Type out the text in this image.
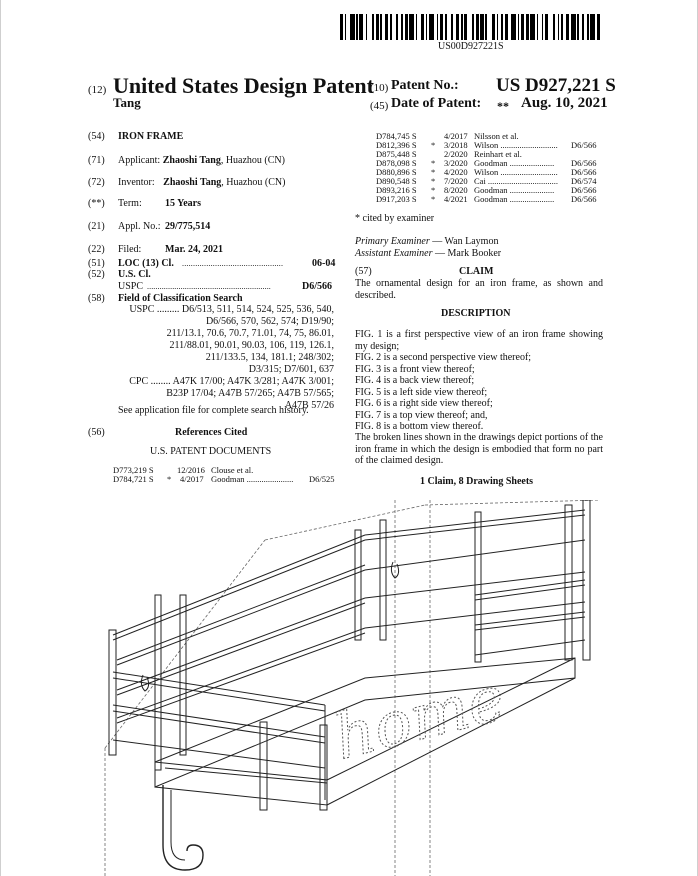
US00D927221S
(12) United States Design Patent
Tang
(10) Patent No.: US D927,221 S
(45) Date of Patent: ** Aug. 10, 2021
(54) IRON FRAME
(71) Applicant: Zhaoshi Tang, Huazhou (CN)
(72) Inventor: Zhaoshi Tang, Huazhou (CN)
(**) Term: 15 Years
(21) Appl. No.: 29/775,514
(22) Filed: Mar. 24, 2021
(51) LOC (13) Cl. ..............................................	06-04
(52) U.S. Cl.
USPC ...........................................................	D6/566
(58) Field of Classification Search
USPC ......... D6/513, 511, 514, 524, 525, 536, 540,
D6/566, 570, 562, 574; D19/90;
211/13.1, 70.6, 70.7, 71.01, 74, 75, 86.01,
211/88.01, 90.01, 90.03, 106, 119, 126.1,
211/133.5, 134, 181.1; 248/302;
D3/315; D7/601, 637
CPC ........ A47K 17/00; A47K 3/281; A47K 3/001;
B23P 17/04; A47B 57/265; A47B 57/565;
A47B 57/26
See application file for complete search history.
(56)	References Cited
U.S. PATENT DOCUMENTS
D773,219 S	12/2016 Clouse et al.
D784,721 S * 4/2017 Goodman ...................... D6/525
D784,745 S	4/2017 Nilsson et al.
D812,396 S * 3/2018 Wilson ........................... D6/566
D875,448 S	2/2020 Reinhart et al.
D878,098 S * 3/2020 Goodman ..................... D6/566
D880,896 S * 4/2020 Wilson ........................... D6/566
D890,548 S * 7/2020 Cai ................................. D6/574
D893,216 S * 8/2020 Goodman ..................... D6/566
D917,203 S * 4/2021 Goodman ..................... D6/566
* cited by examiner
Primary Examiner — Wan Laymon
Assistant Examiner — Mark Booker
(57)	CLAIM
The ornamental design for an iron frame, as shown and described.
DESCRIPTION
FIG. 1 is a first perspective view of an iron frame showing my design;
FIG. 2 is a second perspective view thereof;
FIG. 3 is a front view thereof;
FIG. 4 is a back view thereof;
FIG. 5 is a left side view thereof;
FIG. 6 is a right side view thereof;
FIG. 7 is a top view thereof; and,
FIG. 8 is a bottom view thereof.
The broken lines shown in the drawings depict portions of the iron frame in which the design is embodied that form no part of the claimed design.
1 Claim, 8 Drawing Sheets
home
